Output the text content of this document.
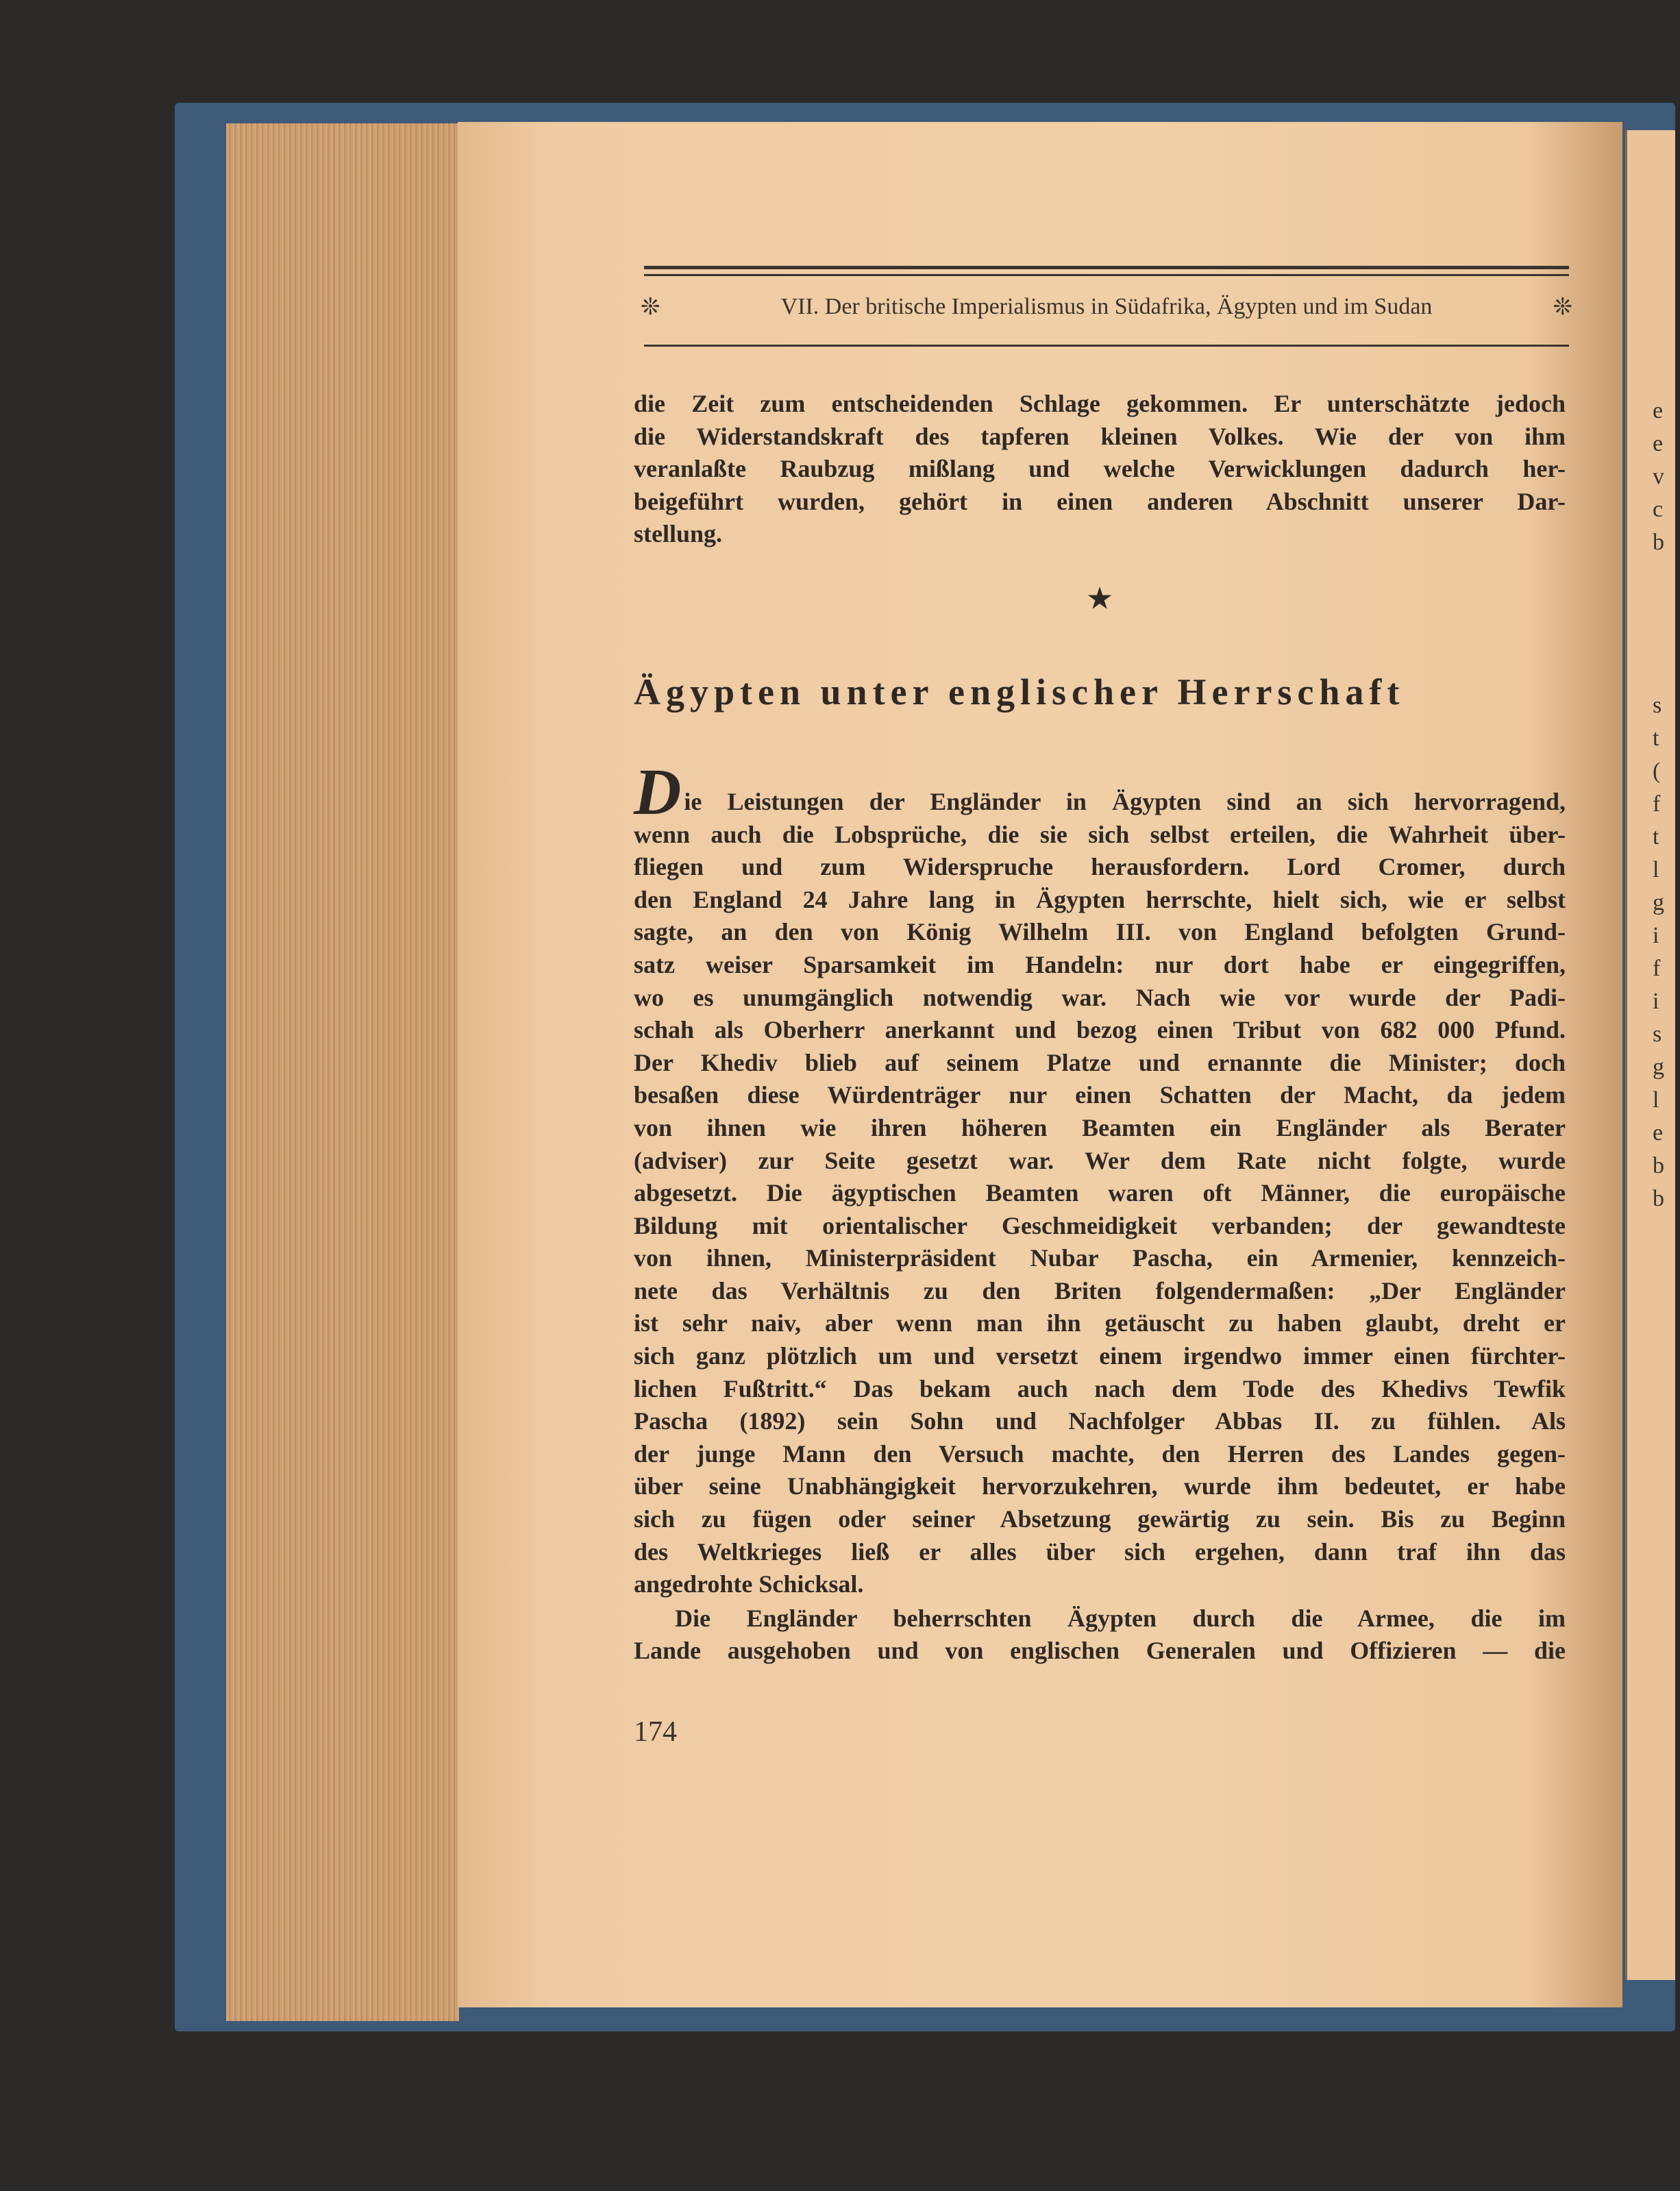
e
e
v
c
b
s
t
(
f
t
l
g
i
f
i
s
g
l
e
b
b
❊	VII. Der britische Imperialismus in Südafrika, Ägypten und im Sudan	❊
die Zeit zum entscheidenden Schlage gekommen. Er unterschätzte jedoch
die Widerstandskraft des tapferen kleinen Volkes. Wie der von ihm
veranlaßte Raubzug mißlang und welche Verwicklungen dadurch her-
beigeführt wurden, gehört in einen anderen Abschnitt unserer Dar-
stellung.
★
Ägypten unter englischer Herrschaft
Die Leistungen der Engländer in Ägypten sind an sich hervorragend,
wenn auch die Lobsprüche, die sie sich selbst erteilen, die Wahrheit über-
fliegen und zum Widerspruche herausfordern. Lord Cromer, durch
den England 24 Jahre lang in Ägypten herrschte, hielt sich, wie er selbst
sagte, an den von König Wilhelm III. von England befolgten Grund-
satz weiser Sparsamkeit im Handeln: nur dort habe er eingegriffen,
wo es unumgänglich notwendig war. Nach wie vor wurde der Padi-
schah als Oberherr anerkannt und bezog einen Tribut von 682 000 Pfund.
Der Khediv blieb auf seinem Platze und ernannte die Minister; doch
besaßen diese Würdenträger nur einen Schatten der Macht, da jedem
von ihnen wie ihren höheren Beamten ein Engländer als Berater
(adviser) zur Seite gesetzt war. Wer dem Rate nicht folgte, wurde
abgesetzt. Die ägyptischen Beamten waren oft Männer, die europäische
Bildung mit orientalischer Geschmeidigkeit verbanden; der gewandteste
von ihnen, Ministerpräsident Nubar Pascha, ein Armenier, kennzeich-
nete das Verhältnis zu den Briten folgendermaßen: „Der Engländer
ist sehr naiv, aber wenn man ihn getäuscht zu haben glaubt, dreht er
sich ganz plötzlich um und versetzt einem irgendwo immer einen fürchter-
lichen Fußtritt.“ Das bekam auch nach dem Tode des Khedivs Tewfik
Pascha (1892) sein Sohn und Nachfolger Abbas II. zu fühlen. Als
der junge Mann den Versuch machte, den Herren des Landes gegen-
über seine Unabhängigkeit hervorzukehren, wurde ihm bedeutet, er habe
sich zu fügen oder seiner Absetzung gewärtig zu sein. Bis zu Beginn
des Weltkrieges ließ er alles über sich ergehen, dann traf ihn das
angedrohte Schicksal.
Die Engländer beherrschten Ägypten durch die Armee, die im
Lande ausgehoben und von englischen Generalen und Offizieren — die
174
